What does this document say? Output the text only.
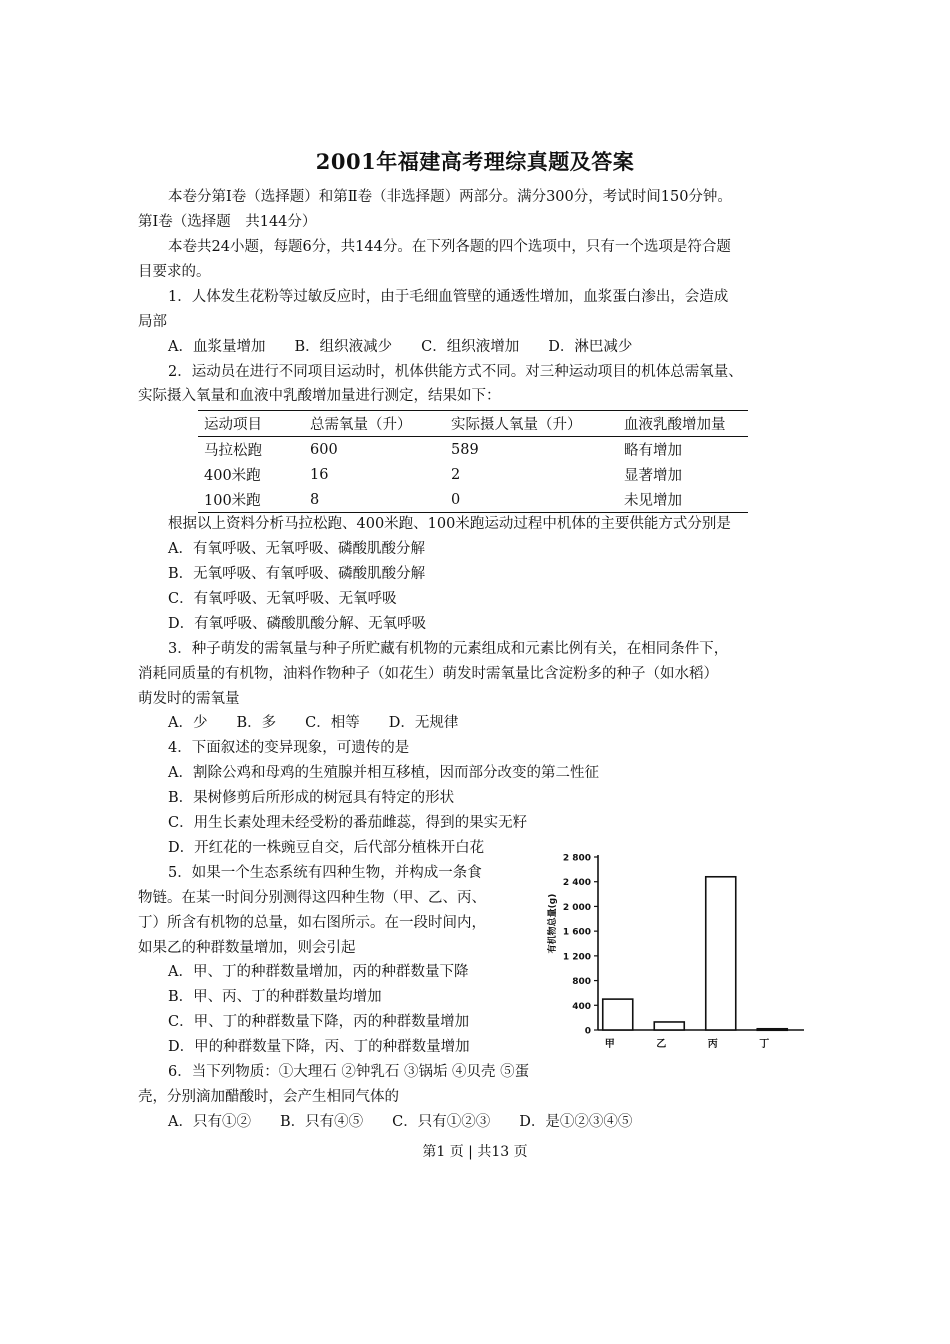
2001年福建高考理综真题及答案
本卷分第Ⅰ卷（选择题）和第Ⅱ卷（非选择题）两部分。满分300分，考试时间150分钟。
第Ⅰ卷（选择题　共144分）
本卷共24小题，每题6分，共144分。在下列各题的四个选项中，只有一个选项是符合题
目要求的。
1．人体发生花粉等过敏反应时，由于毛细血管壁的通透性增加，血浆蛋白渗出，会造成
局部
A．血浆量增加　　B．组织液减少　　C．组织液增加　　D．淋巴减少
2．运动员在进行不同项目运动时，机体供能方式不同。对三种运动项目的机体总需氧量、
实际摄入氧量和血液中乳酸增加量进行测定，结果如下：
运动项目	总需氧量（升）	实际摄人氧量（升）	血液乳酸增加量
马拉松跑	600	589	略有增加
400米跑	16	2	显著增加
100米跑	8	0	未见增加
根据以上资料分析马拉松跑、400米跑、100米跑运动过程中机体的主要供能方式分别是
A．有氧呼吸、无氧呼吸、磷酸肌酸分解
B．无氧呼吸、有氧呼吸、磷酸肌酸分解
C．有氧呼吸、无氧呼吸、无氧呼吸
D．有氧呼吸、磷酸肌酸分解、无氧呼吸
3．种子萌发的需氧量与种子所贮藏有机物的元素组成和元素比例有关，在相同条件下，
消耗同质量的有机物，油料作物种子（如花生）萌发时需氧量比含淀粉多的种子（如水稻）
萌发时的需氧量
A．少　　B．多　　C．相等　　D．无规律
4．下面叙述的变异现象，可遗传的是
A．割除公鸡和母鸡的生殖腺并相互移植，因而部分改变的第二性征
B．果树修剪后所形成的树冠具有特定的形状
C．用生长素处理未经受粉的番茄雌蕊，得到的果实无籽
D．开红花的一株豌豆自交，后代部分植株开白花
5．如果一个生态系统有四种生物，并构成一条食
物链。在某一时间分别测得这四种生物（甲、乙、丙、
丁）所含有机物的总量，如右图所示。在一段时间内，
如果乙的种群数量增加，则会引起
A．甲、丁的种群数量增加，丙的种群数量下降
B．甲、丙、丁的种群数量均增加
C．甲、丁的种群数量下降，丙的种群数量增加
D．甲的种群数量下降，丙、丁的种群数量增加
6．当下列物质：①大理石 ②钟乳石 ③锅垢 ④贝壳 ⑤蛋
壳，分别滴加醋酸时，会产生相同气体的
A．只有①②　　B．只有④⑤　　C．只有①②③　　D．是①②③④⑤
0
400
800
1 200
1 600
2 000
2 400
2 800
有机物总量(g)
甲	乙	丙	丁
第1 页 | 共13 页
